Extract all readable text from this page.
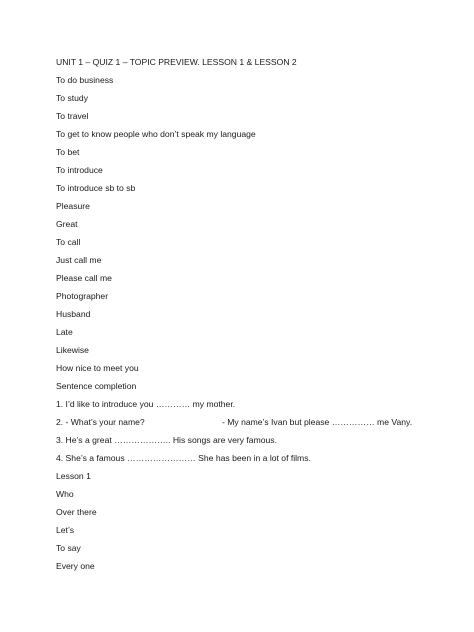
UNIT 1 – QUIZ 1 – TOPIC PREVIEW. LESSON 1 & LESSON 2

To do business

To study

To travel

To get to know people who don’t speak my language

To bet

To introduce

To introduce sb to sb

Pleasure

Great

To call

Just call me

Please call me

Photographer

Husband

Late

Likewise

How nice to meet you

Sentence completion

1. I’d like to introduce you ………… my mother.

2. - What’s your name?	- My name’s Ivan but please …………… me Vany.

3. He’s a great ……………….. His songs are very famous.

4. She’s a famous …………………… She has been in a lot of films.

Lesson 1

Who

Over there

Let’s

To say

Every one
